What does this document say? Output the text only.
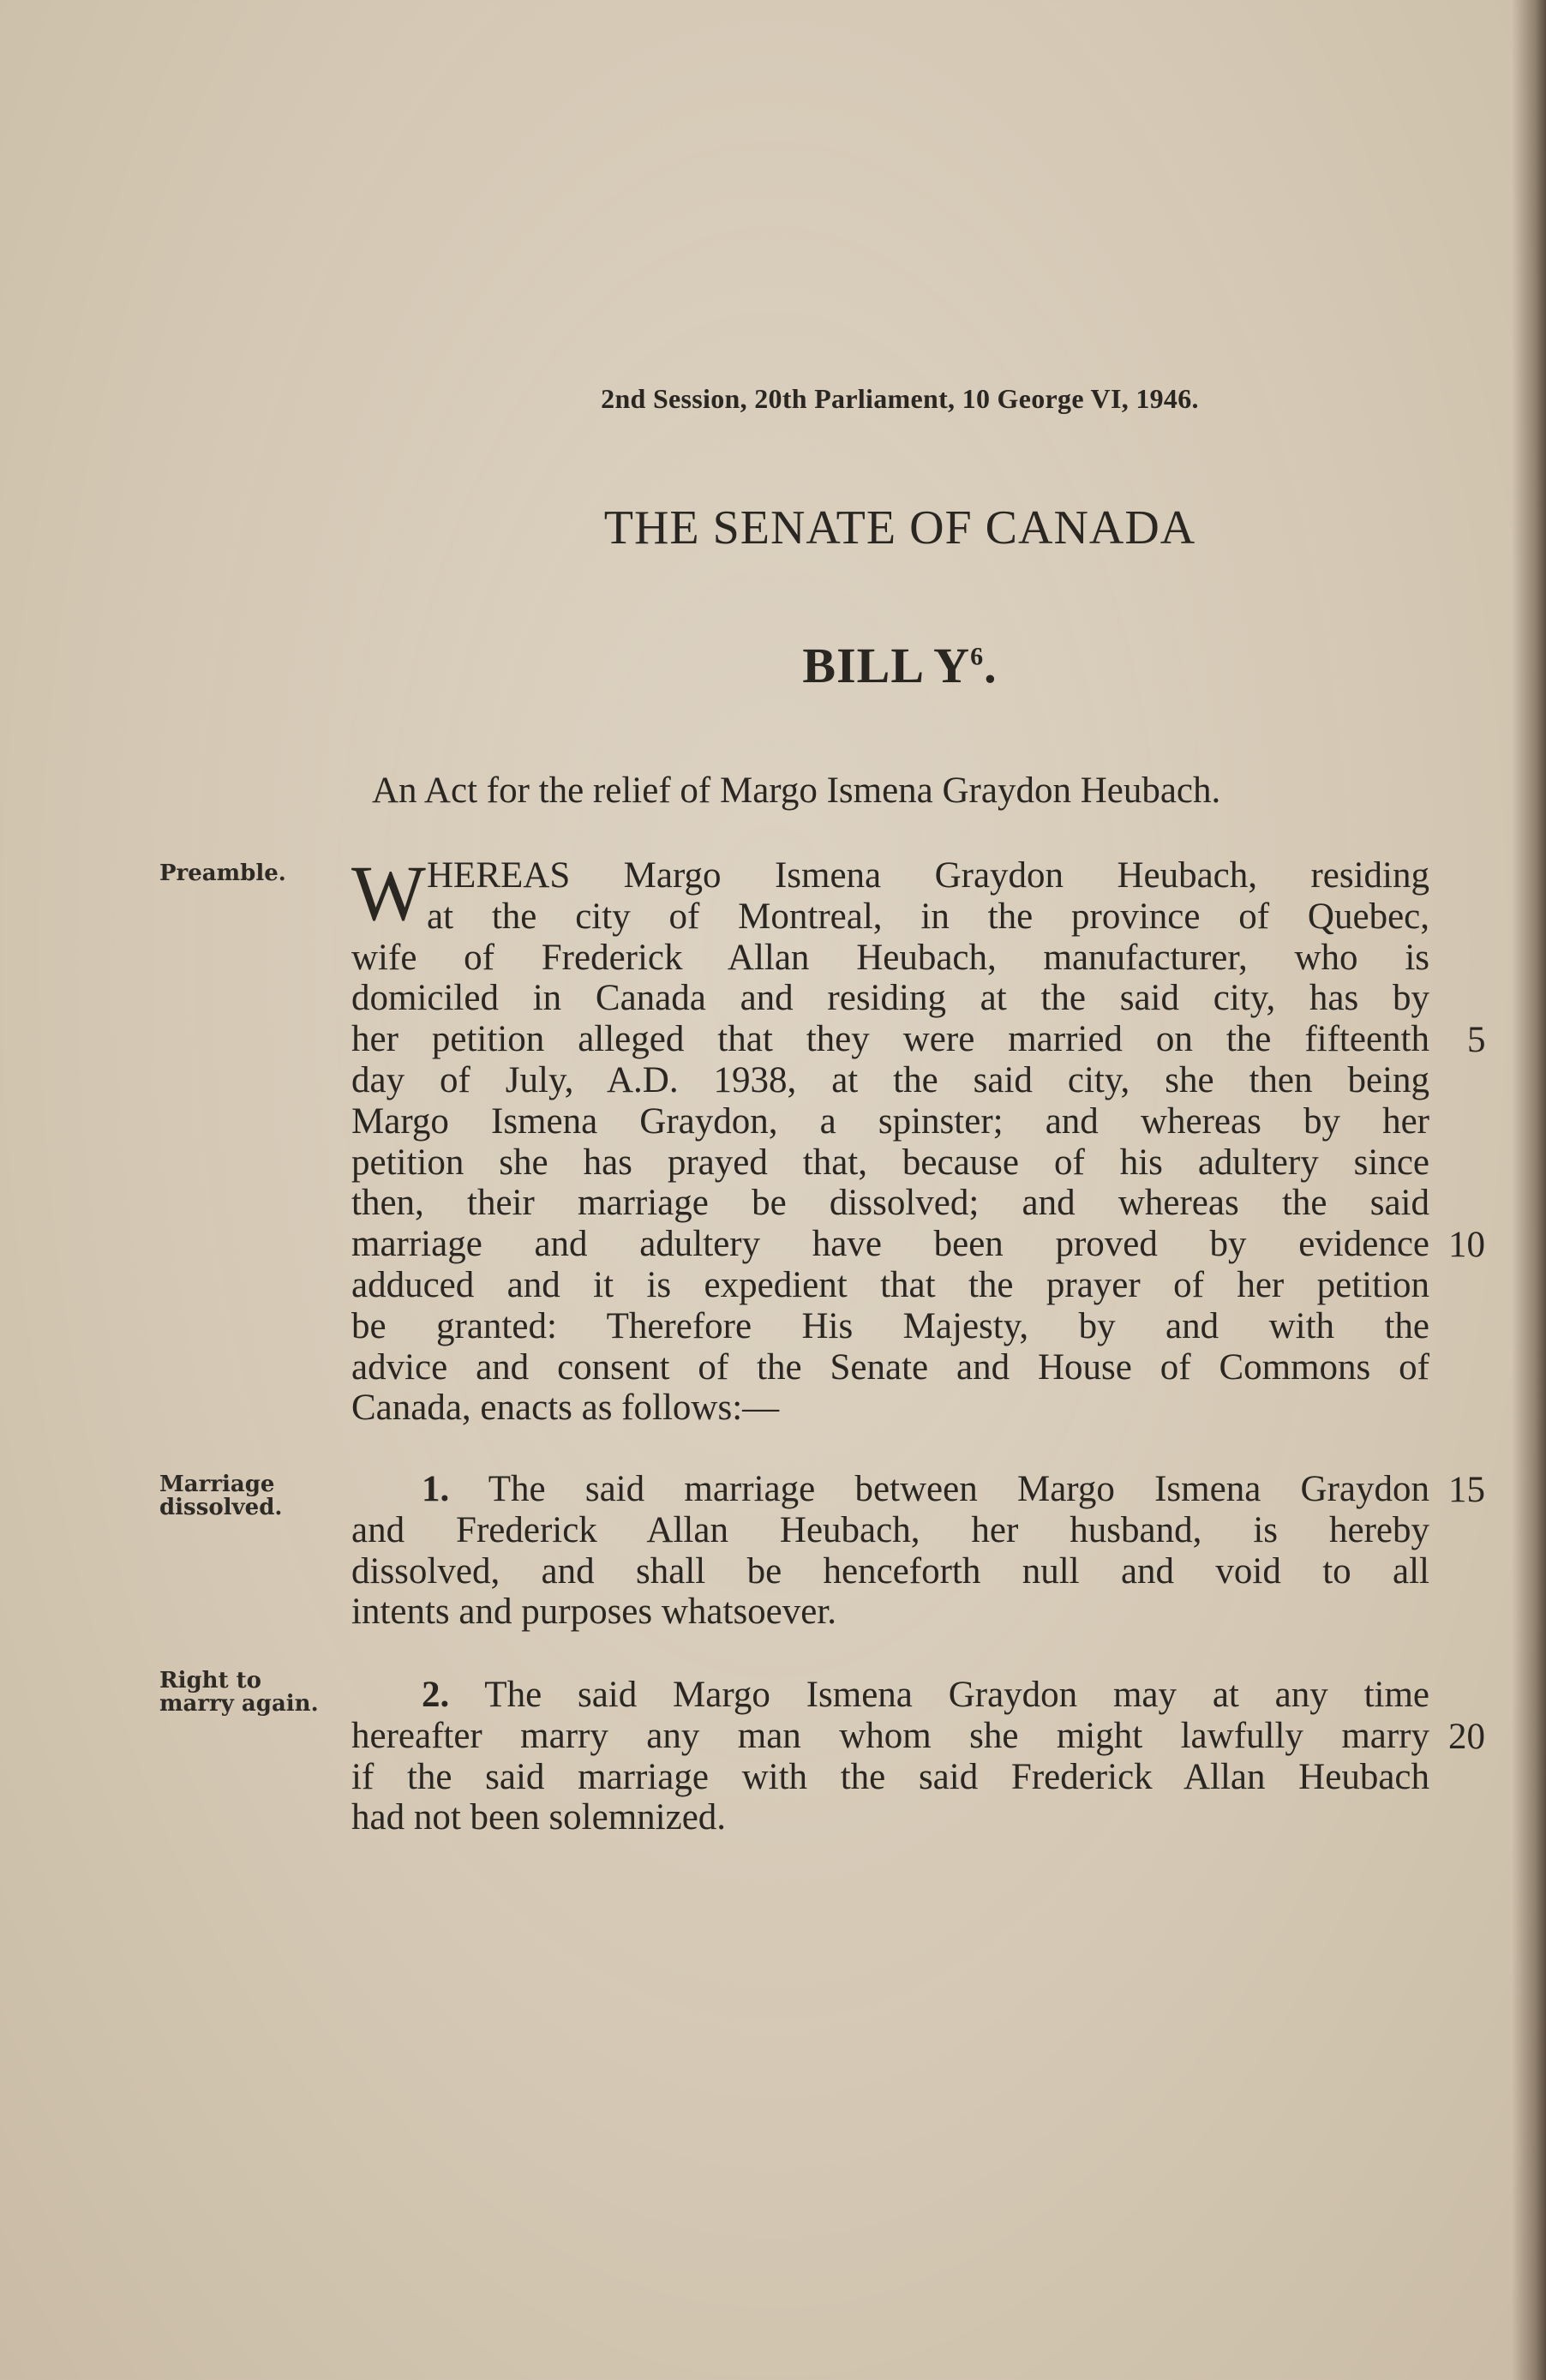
2nd Session, 20th Parliament, 10 George VI, 1946.
THE SENATE OF CANADA
BILL $Y^6$.
An Act for the relief of Margo Ismena Graydon Heubach.
Preamble.
Marriage
dissolved.
Right to
marry again.
W HEREAS Margo Ismena Graydon Heubach, residing
at the city of Montreal, in the province of Quebec,
wife of Frederick Allan Heubach, manufacturer, who is
domiciled in Canada and residing at the said city, has by
her petition alleged that they were married on the fifteenth
day of July, A.D. 1938, at the said city, she then being
Margo Ismena Graydon, a spinster; and whereas by her
petition she has prayed that, because of his adultery since
then, their marriage be dissolved; and whereas the said
marriage and adultery have been proved by evidence
adduced and it is expedient that the prayer of her petition
be granted: Therefore His Majesty, by and with the
advice and consent of the Senate and House of Commons of
Canada, enacts as follows:—
1. The said marriage between Margo Ismena Graydon
and Frederick Allan Heubach, her husband, is hereby
dissolved, and shall be henceforth null and void to all
intents and purposes whatsoever.
2. The said Margo Ismena Graydon may at any time
hereafter marry any man whom she might lawfully marry
if the said marriage with the said Frederick Allan Heubach
had not been solemnized.
5
10
15
20
